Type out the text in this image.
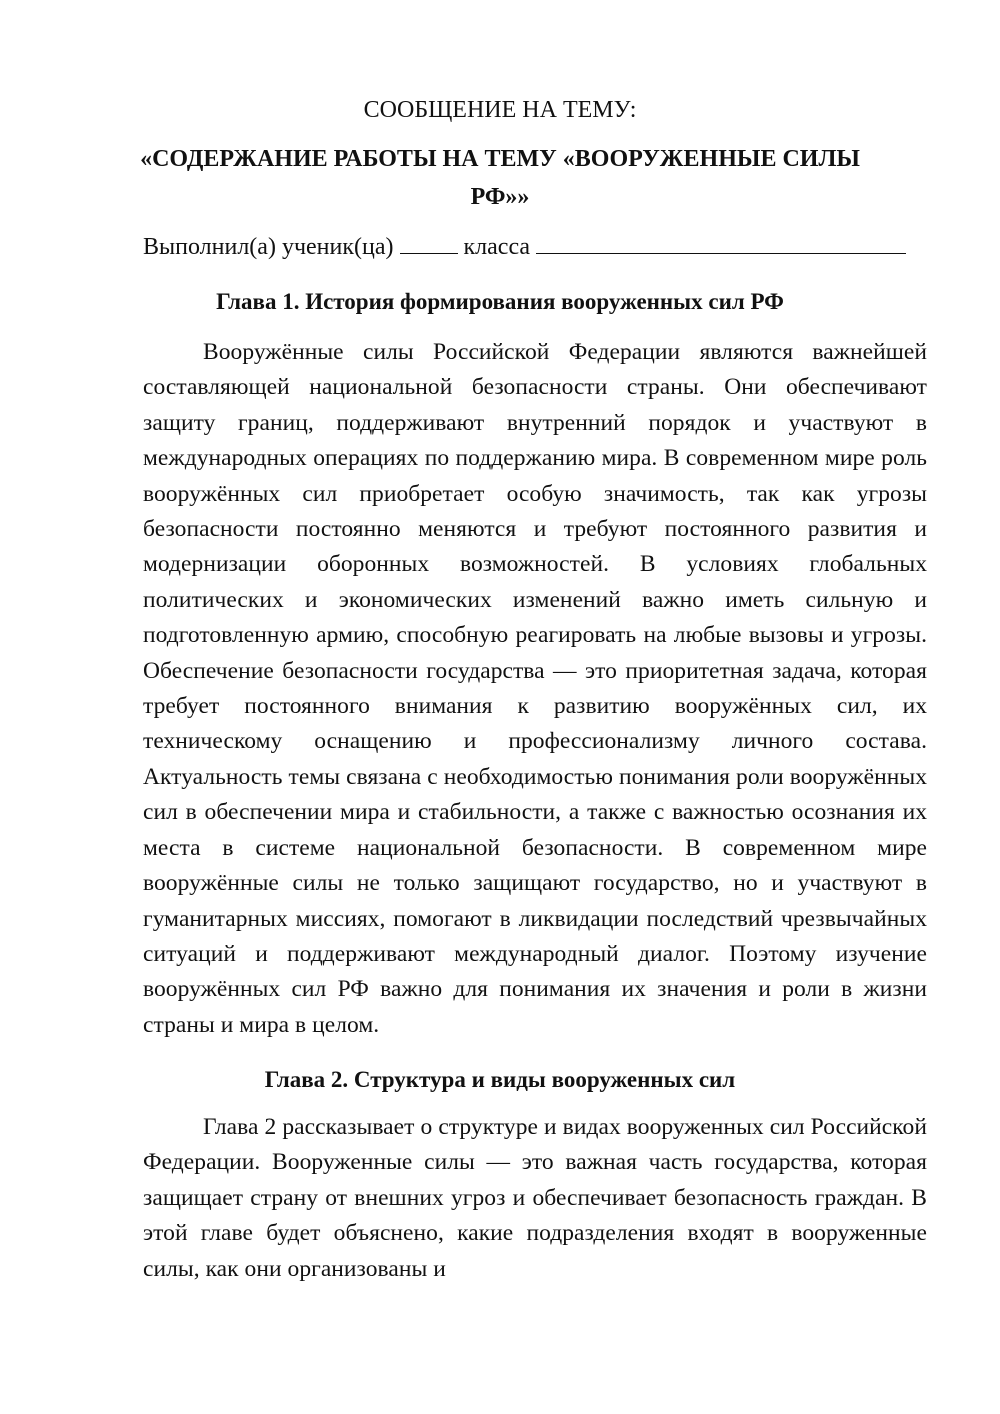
СООБЩЕНИЕ НА ТЕМУ:
«СОДЕРЖАНИЕ РАБОТЫ НА ТЕМУ «ВООРУЖЕННЫЕ СИЛЫ РФ»»
Выполнил(а) ученик(ца)	класса
Глава 1. История формирования вооруженных сил РФ

Вооружённые силы Российской Федерации являются важнейшей составляющей национальной безопасности страны. Они обеспечивают защиту границ, поддерживают внутренний порядок и участвуют в международных операциях по поддержанию мира. В современном мире роль вооружённых сил приобретает особую значимость, так как угрозы безопасности постоянно меняются и требуют постоянного развития и модернизации оборонных возможностей. В условиях глобальных политических и экономических изменений важно иметь сильную и подготовленную армию, способную реагировать на любые вызовы и угрозы. Обеспечение безопасности государства — это приоритетная задача, которая требует постоянного внимания к развитию вооружённых сил, их техническому оснащению и профессионализму личного состава. Актуальность темы связана с необходимостью понимания роли вооружённых сил в обеспечении мира и стабильности, а также с важностью осознания их места в системе национальной безопасности. В современном мире вооружённые силы не только защищают государство, но и участвуют в гуманитарных миссиях, помогают в ликвидации последствий чрезвычайных ситуаций и поддерживают международный диалог. Поэтому изучение вооружённых сил РФ важно для понимания их значения и роли в жизни страны и мира в целом.

Глава 2. Структура и виды вооруженных сил

Глава 2 рассказывает о структуре и видах вооруженных сил Российской Федерации. Вооруженные силы — это важная часть государства, которая защищает страну от внешних угроз и обеспечивает безопасность граждан. В этой главе будет объяснено, какие подразделения входят в вооруженные силы, как они организованы и
